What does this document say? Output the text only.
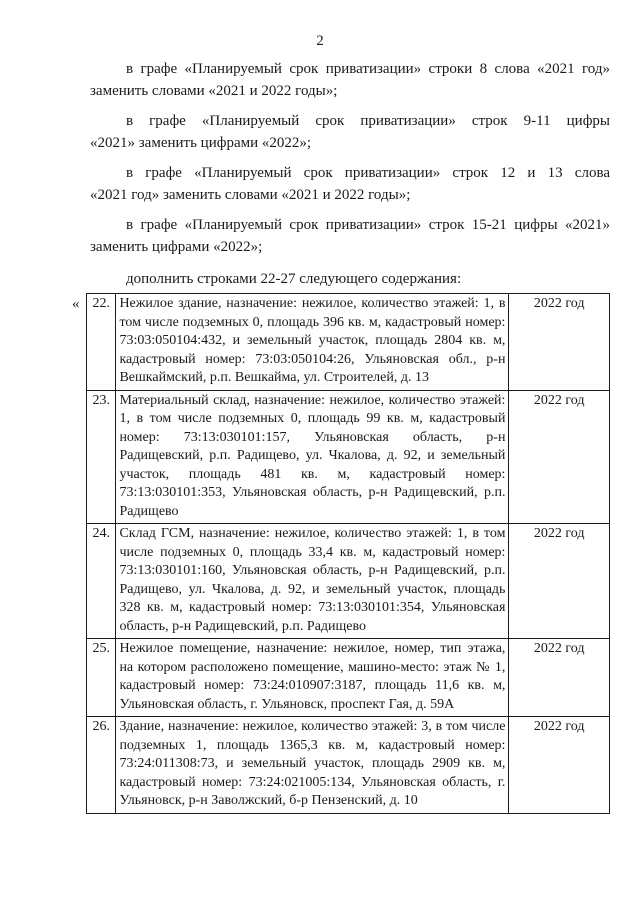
2

в графе «Планируемый срок приватизации» строки 8 слова «2021 год»

заменить словами «2021 и 2022 годы»;

в графе «Планируемый срок приватизации» строк 9-11 цифры

«2021» заменить цифрами «2022»;

в графе «Планируемый срок приватизации» строк 12 и 13 слова

«2021 год» заменить словами «2021 и 2022 годы»;

в графе «Планируемый срок приватизации» строк 15-21 цифры «2021»

заменить цифрами «2022»;

дополнить строками 22-27 следующего содержания:
« 22.	Нежилое здание, назначение: нежилое, количество этажей: 1, в том числе подземных 0, площадь 396 кв. м, кадастровый номер: 73:03:050104:432, и земельный участок, площадь 2804 кв. м, кадастровый номер: 73:03:050104:26, Ульяновская обл., р-н Вешкаймский, р.п. Вешкайма, ул. Строителей, д. 13	2022 год
23.	Материальный склад, назначение: нежилое, количество этажей: 1, в том числе подземных 0, площадь 99 кв. м, кадастровый номер: 73:13:030101:157, Ульяновская область, р-н Радищевский, р.п. Радищево, ул. Чкалова, д. 92, и земельный участок, площадь 481 кв. м, кадастровый номер: 73:13:030101:353, Ульяновская область, р-н Радищевский, р.п. Радищево	2022 год
24.	Склад ГСМ, назначение: нежилое, количество этажей: 1, в том числе подземных 0, площадь 33,4 кв. м, кадастровый номер: 73:13:030101:160, Ульяновская область, р-н Радищевский, р.п. Радищево, ул. Чкалова, д. 92, и земельный участок, площадь 328 кв. м, кадастровый номер: 73:13:030101:354, Ульяновская область, р-н Радищевский, р.п. Радищево	2022 год
25.	Нежилое помещение, назначение: нежилое, номер, тип этажа, на котором расположено помещение, машино-место: этаж № 1, кадастровый номер: 73:24:010907:3187, площадь 11,6 кв. м, Ульяновская область, г. Ульяновск, проспект Гая, д. 59А	2022 год
26.	Здание, назначение: нежилое, количество этажей: 3, в том числе подземных 1, площадь 1365,3 кв. м, кадастровый номер: 73:24:011308:73, и земельный участок, площадь 2909 кв. м, кадастровый номер: 73:24:021005:134, Ульяновская область, г. Ульяновск, р-н Заволжский, б-р Пензенский, д. 10	2022 год
